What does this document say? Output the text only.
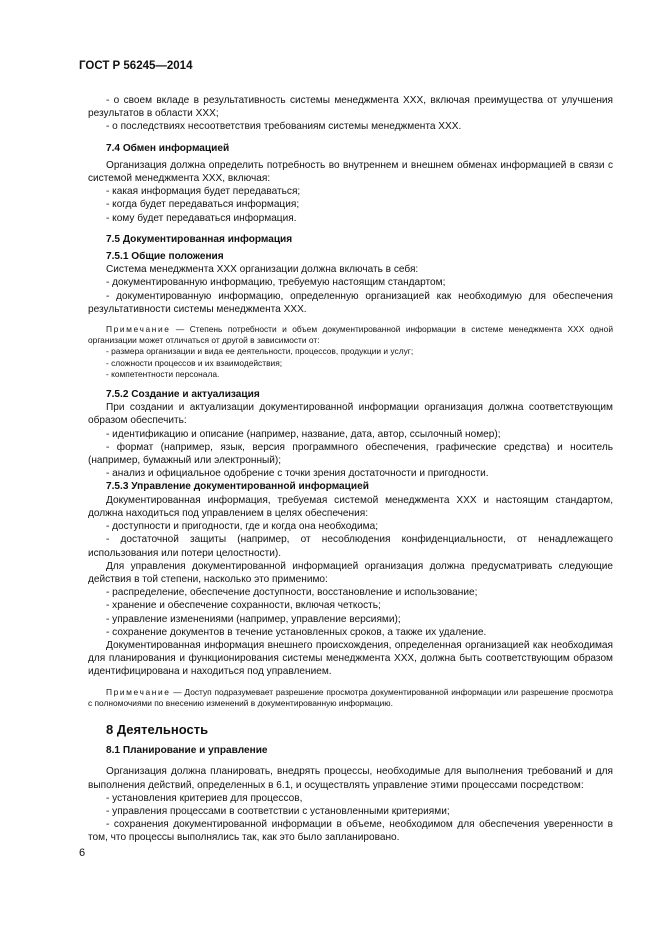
ГОСТ Р 56245—2014

- о своем вкладе в результативность системы менеджмента XXX, включая преимущества от улучшения результатов в области XXX;

- о последствиях несоответствия требованиям системы менеджмента XXX.

7.4 Обмен информацией

Организация должна определить потребность во внутреннем и внешнем обменах информацией в связи с системой менеджмента XXX, включая:

- какая информация будет передаваться;

- когда будет передаваться информация;

- кому будет передаваться информация.

7.5 Документированная информация

7.5.1 Общие положения

Система менеджмента XXX организации должна включать в себя:

- документированную информацию, требуемую настоящим стандартом;

- документированную информацию, определенную организацией как необходимую для обеспечения результативности системы менеджмента XXX.

Примечание — Степень потребности и объем документированной информации в системе менеджмента XXX одной организации может отличаться от другой в зависимости от:

- размера организации и вида ее деятельности, процессов, продукции и услуг;

- сложности процессов и их взаимодействия;

- компетентности персонала.

7.5.2 Создание и актуализация

При создании и актуализации документированной информации организация должна соответствующим образом обеспечить:

- идентификацию и описание (например, название, дата, автор, ссылочный номер);

- формат (например, язык, версия программного обеспечения, графические средства) и носитель (например, бумажный или электронный);

- анализ и официальное одобрение с точки зрения достаточности и пригодности.

7.5.3 Управление документированной информацией

Документированная информация, требуемая системой менеджмента XXX и настоящим стандартом, должна находиться под управлением в целях обеспечения:

- доступности и пригодности, где и когда она необходима;

- достаточной защиты (например, от несоблюдения конфиденциальности, от ненадлежащего использования или потери целостности).

Для управления документированной информацией организация должна предусматривать следующие действия в той степени, насколько это применимо:

- распределение, обеспечение доступности, восстановление и использование;

- хранение и обеспечение сохранности, включая четкость;

- управление изменениями (например, управление версиями);

- сохранение документов в течение установленных сроков, а также их удаление.

Документированная информация внешнего происхождения, определенная организацией как необходимая для планирования и функционирования системы менеджмента XXX, должна быть соответствующим образом идентифицирована и находиться под управлением.

Примечание — Доступ подразумевает разрешение просмотра документированной информации или разрешение просмотра с полномочиями по внесению изменений в документированную информацию.

8 Деятельность

8.1 Планирование и управление

Организация должна планировать, внедрять процессы, необходимые для выполнения требований и для выполнения действий, определенных в 6.1, и осуществлять управление этими процессами посредством:

- установления критериев для процессов,

- управления процессами в соответствии с установленными критериями;

- сохранения документированной информации в объеме, необходимом для обеспечения уверенности в том, что процессы выполнялись так, как это было запланировано.

6
